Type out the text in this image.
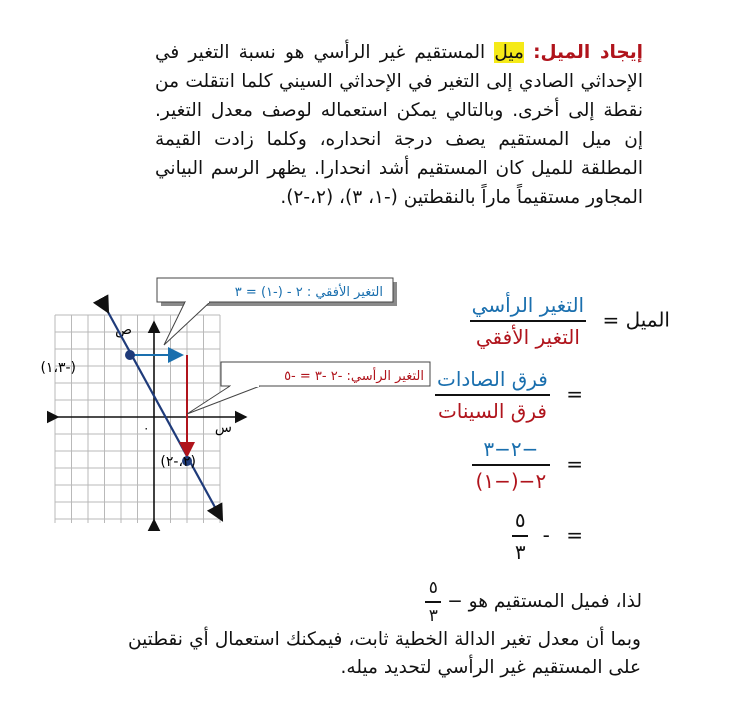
إيجاد الميل: ميل المستقيم غير الرأسي هو نسبة التغير في الإحداثي الصادي إلى التغير في الإحداثي السيني كلما انتقلت من نقطة إلى أخرى. وبالتالي يمكن استعماله لوصف معدل التغير. إن ميل المستقيم يصف درجة انحداره، وكلما زادت القيمة المطلقة للميل كان المستقيم أشد انحدارا. يظهر الرسم البياني المجاور مستقيماً ماراً بالنقطتين (-١، ٣)، (٢،-٢).

ص
س
٠
(-١،٣)
(٢،-٢)
التغير الأفقي : ٢ - (-١) = ٣
التغير الرأسي: -٢ -٣ = -٥
الميل =
$\frac{\text{التغير الرأسي}}{\text{التغير الأفقي}}$
=
$\frac{\text{فرق الصادات}}{\text{فرق السينات}}$
=
$\frac{-٢-٣}{٢-(-١)}$
= -
$\frac{٥}{٣}$
لذا، فميل المستقيم هو −
$\frac{٥}{٣}$

وبما أن معدل تغير الدالة الخطية ثابت، فيمكنك استعمال أي نقطتين على المستقيم غير الرأسي لتحديد ميله.
